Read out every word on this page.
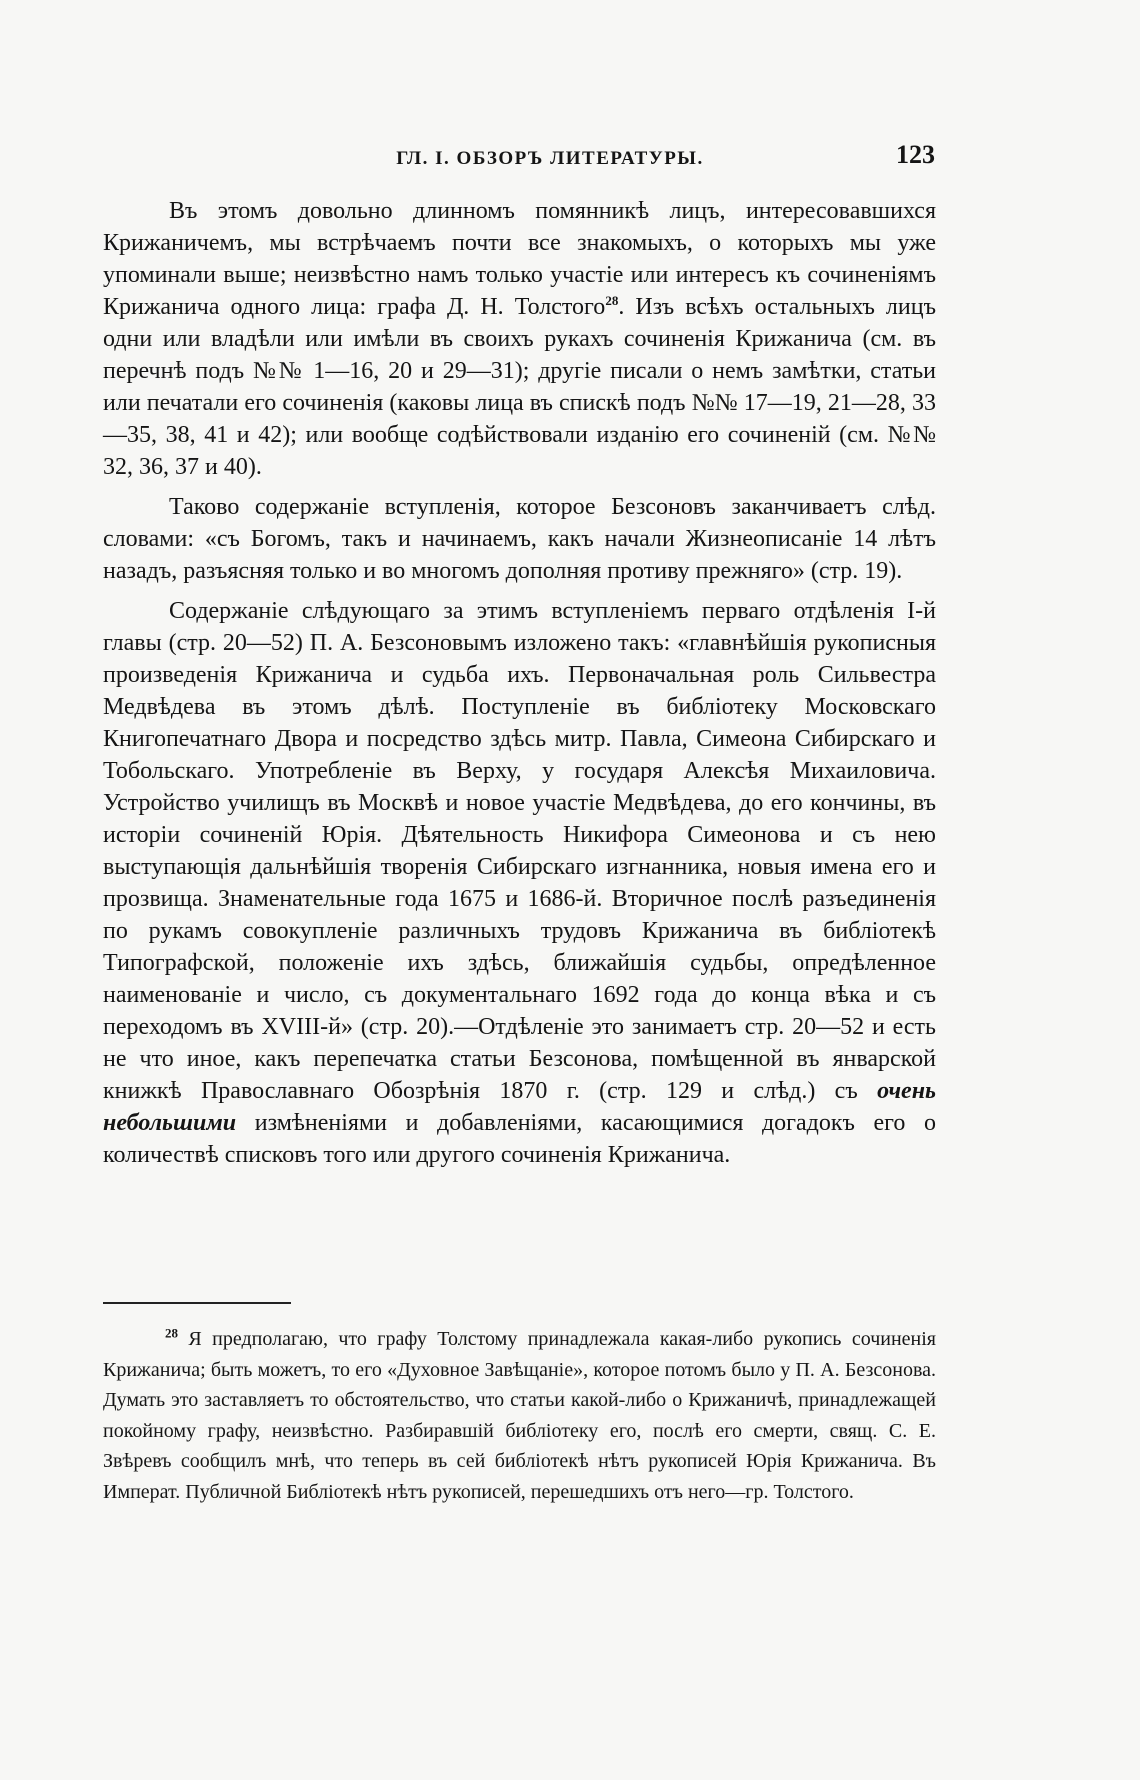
ГЛ. I. ОБЗОРЪ ЛИТЕРАТУРЫ.	123

Въ этомъ довольно длинномъ помянникѣ лицъ, интересовавшихся Крижаничемъ, мы встрѣчаемъ почти все знакомыхъ, о которыхъ мы уже упоминали выше; неизвѣстно намъ только участіе или интересъ къ сочиненіямъ Крижанича одного лица: графа Д. Н. Толстого$^{28}$. Изъ всѣхъ остальныхъ лицъ одни или владѣли или имѣли въ своихъ рукахъ сочиненія Крижанича (см. въ перечнѣ подъ №№ 1—16, 20 и 29—31); другіе писали о немъ замѣтки, статьи или печатали его сочиненія (каковы лица въ спискѣ подъ №№ 17—19, 21—28, 33—35, 38, 41 и 42); или вообще содѣйствовали изданію его сочиненій (см. №№ 32, 36, 37 и 40).

Таково содержаніе вступленія, которое Безсоновъ заканчиваетъ слѣд. словами: «съ Богомъ, такъ и начинаемъ, какъ начали Жизнеописаніе 14 лѣтъ назадъ, разъясняя только и во многомъ дополняя противу прежняго» (стр. 19).

Содержаніе слѣдующаго за этимъ вступленіемъ перваго отдѣленія I-й главы (стр. 20—52) П. А. Безсоновымъ изложено такъ: «главнѣйшія рукописныя произведенія Крижанича и судьба ихъ. Первоначальная роль Сильвестра Медвѣдева въ этомъ дѣлѣ. Поступленіе въ библіотеку Московскаго Книгопечатнаго Двора и посредство здѣсь митр. Павла, Симеона Сибирскаго и Тобольскаго. Употребленіе въ Верху, у государя Алексѣя Михаиловича. Устройство училищъ въ Москвѣ и новое участіе Медвѣдева, до его кончины, въ исторіи сочиненій Юрія. Дѣятельность Никифора Симеонова и съ нею выступающія дальнѣйшія творенія Сибирскаго изгнанника, новыя имена его и прозвища. Знаменательные года 1675 и 1686-й. Вторичное послѣ разъединенія по рукамъ совокупленіе различныхъ трудовъ Крижанича въ библіотекѣ Типографской, положеніе ихъ здѣсь, ближайшія судьбы, опредѣленное наименованіе и число, съ документальнаго 1692 года до конца вѣка и съ переходомъ въ XVIII-й» (стр. 20).—Отдѣленіе это занимаетъ стр. 20—52 и есть не что иное, какъ перепечатка статьи Безсонова, помѣщенной въ январской книжкѣ Православнаго Обозрѣнія 1870 г. (стр. 129 и слѣд.) съ очень небольшими измѣненіями и добавленіями, касающимися догадокъ его о количествѣ списковъ того или другого сочиненія Крижанича.

$^{28}$ Я предполагаю, что графу Толстому принадлежала какая-либо рукопись сочиненія Крижанича; быть можетъ, то его «Духовное Завѣщаніе», которое потомъ было у П. А. Безсонова. Думать это заставляетъ то обстоятельство, что статьи какой-либо о Крижаничѣ, принадлежащей покойному графу, неизвѣстно. Разбиравшій библіотеку его, послѣ его смерти, свящ. С. Е. Звѣревъ сообщилъ мнѣ, что теперь въ сей библіотекѣ нѣтъ рукописей Юрія Крижанича. Въ Императ. Публичной Библіотекѣ нѣтъ рукописей, перешедшихъ отъ него—гр. Толстого.
